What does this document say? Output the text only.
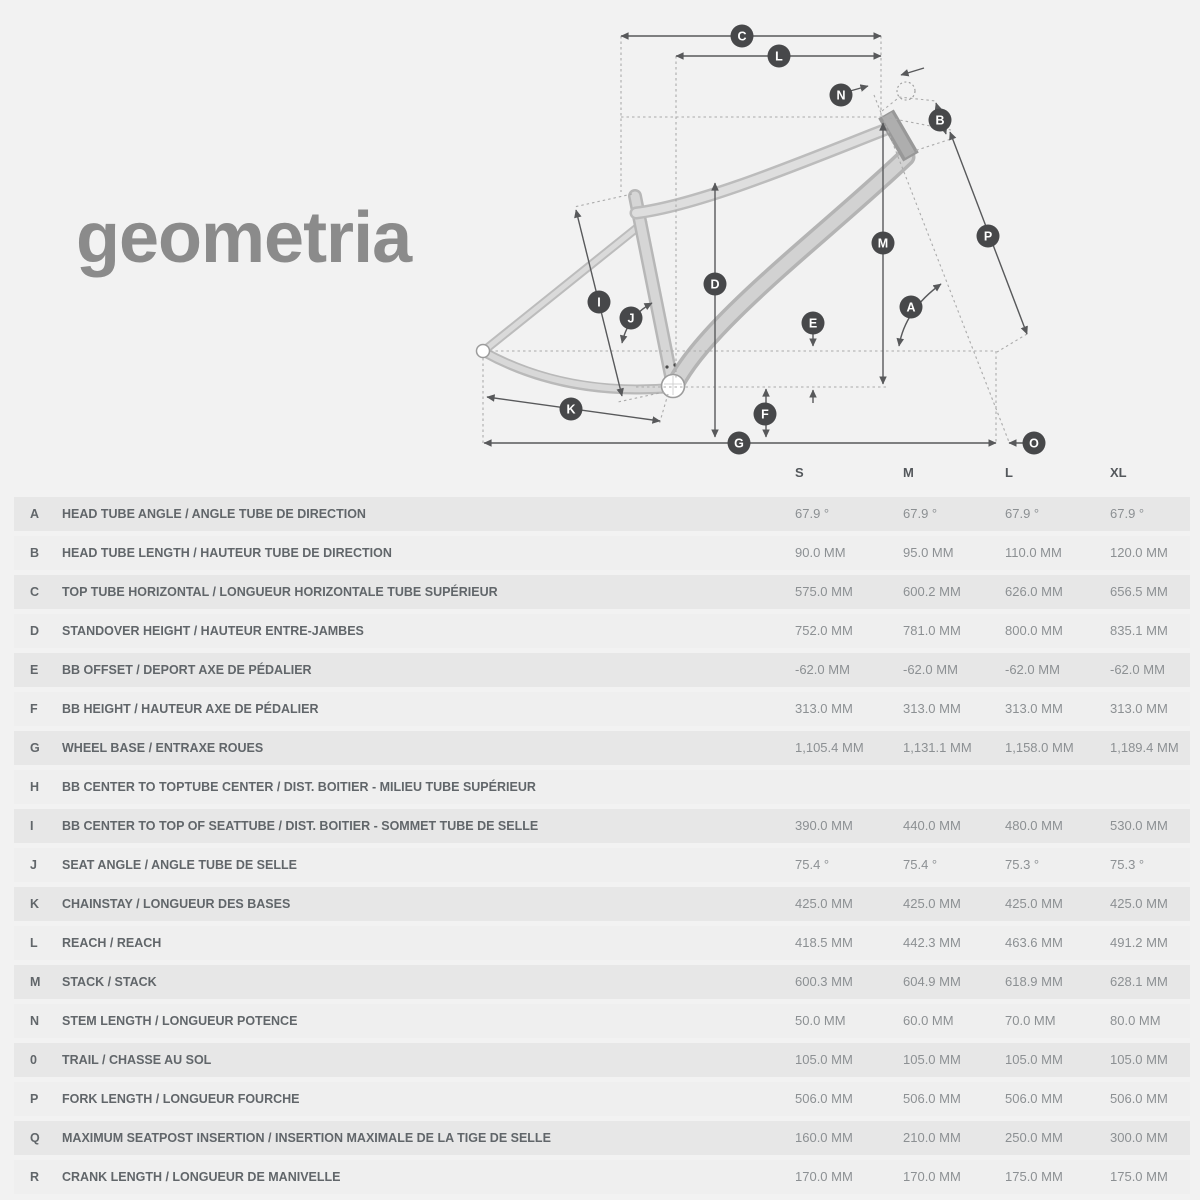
geometria
C
L
N
B
M	P
D
I	A
J	E
K	F
G	O
S	M	L	XL
A HEAD TUBE ANGLE / ANGLE TUBE DE DIRECTION	67.9 °	67.9 °	67.9 °	67.9 °
B HEAD TUBE LENGTH / HAUTEUR TUBE DE DIRECTION	90.0 MM	95.0 MM	110.0 MM	120.0 MM
C TOP TUBE HORIZONTAL / LONGUEUR HORIZONTALE TUBE SUPÉRIEUR	575.0 MM	600.2 MM	626.0 MM	656.5 MM
D STANDOVER HEIGHT / HAUTEUR ENTRE-JAMBES	752.0 MM	781.0 MM	800.0 MM	835.1 MM
E BB OFFSET / DEPORT AXE DE PÉDALIER	-62.0 MM	-62.0 MM	-62.0 MM	-62.0 MM
F BB HEIGHT / HAUTEUR AXE DE PÉDALIER	313.0 MM	313.0 MM	313.0 MM	313.0 MM
G WHEEL BASE / ENTRAXE ROUES	1,105.4 MM	1,131.1 MM	1,158.0 MM	1,189.4 MM
H BB CENTER TO TOPTUBE CENTER / DIST. BOITIER - MILIEU TUBE SUPÉRIEUR
I BB CENTER TO TOP OF SEATTUBE / DIST. BOITIER - SOMMET TUBE DE SELLE	390.0 MM	440.0 MM	480.0 MM	530.0 MM
J SEAT ANGLE / ANGLE TUBE DE SELLE	75.4 °	75.4 °	75.3 °	75.3 °
K CHAINSTAY / LONGUEUR DES BASES	425.0 MM	425.0 MM	425.0 MM	425.0 MM
L REACH / REACH	418.5 MM	442.3 MM	463.6 MM	491.2 MM
M STACK / STACK	600.3 MM	604.9 MM	618.9 MM	628.1 MM
N STEM LENGTH / LONGUEUR POTENCE	50.0 MM	60.0 MM	70.0 MM	80.0 MM
0 TRAIL / CHASSE AU SOL	105.0 MM	105.0 MM	105.0 MM	105.0 MM
P FORK LENGTH / LONGUEUR FOURCHE	506.0 MM	506.0 MM	506.0 MM	506.0 MM
Q MAXIMUM SEATPOST INSERTION / INSERTION MAXIMALE DE LA TIGE DE SELLE	160.0 MM	210.0 MM	250.0 MM	300.0 MM
R CRANK LENGTH / LONGUEUR DE MANIVELLE	170.0 MM	170.0 MM	175.0 MM	175.0 MM
